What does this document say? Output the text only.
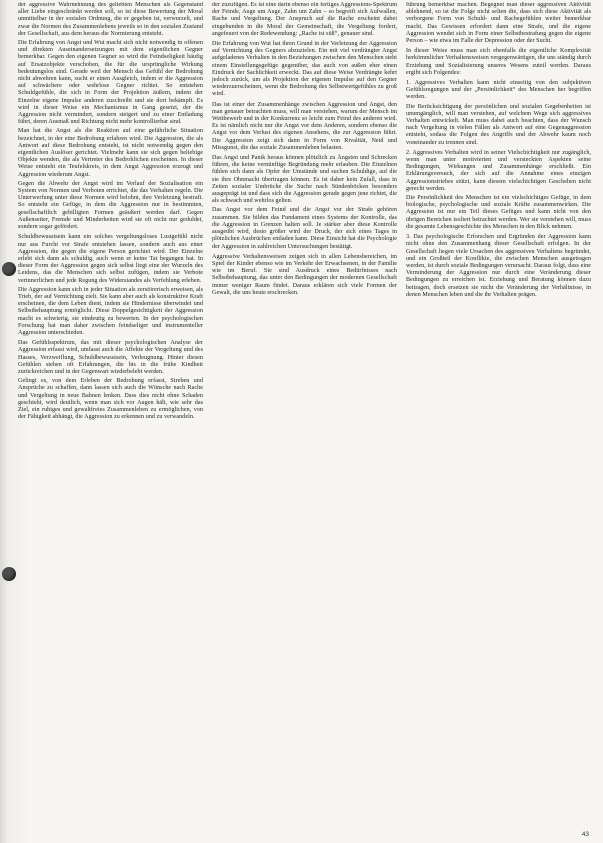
der aggressive Wahrnehmung des geliebten Menschen als Gegenstand aller Liebe eingeschränkt werden soll, so ist diese Bewertung der Moral unmittelbar in der sozialen Ordnung, die er gegeben ist, verwurzelt, und zwar die Normen des Zusammenlebens jeweils so in den sozialen Zustand der Gesellschaft, aus dem heraus die Normierung entsteht.

Die Erfahrung von Angst und Wut macht sich nicht notwendig in offenen und direkten Auseinandersetzungen mit dem eigentlichen Gegner bemerkbar. Gegen den eigenen Gegner so wird die Feindseligkeit häufig auf Ersatzobjekte verschoben, die für die ursprüngliche Wirkung bedeutungslos sind. Gerade weil der Mensch das Gefühl der Bedrohung nicht abwehren kann, sucht er einen Ausgleich, indem er die Aggression auf schwächere oder wehrlose Gegner richtet. So entstehen Schuldgefühle, die sich in Form der Projektion äußern, indem der Einzelne eigene Impulse anderen zuschreibt und sie dort bekämpft. Es wird in dieser Weise ein Mechanismus in Gang gesetzt, der die Aggression nicht vermindert, sondern steigert und zu einer Entladung führt, deren Ausmaß und Richtung nicht mehr kontrollierbar sind.

Man hat die Angst als die Reaktion auf eine gefährliche Situation bezeichnet, in der eine Bedrohung erfahren wird. Die Aggression, die als Antwort auf diese Bedrohung entsteht, ist nicht notwendig gegen den eigentlichen Auslöser gerichtet. Vielmehr kann sie sich gegen beliebige Objekte wenden, die als Vertreter des Bedrohlichen erscheinen. In dieser Weise entsteht ein Teufelskreis, in dem Angst Aggression erzeugt und Aggression wiederum Angst.

Gegen die Abwehr der Angst wird im Verlauf der Sozialisation ein System von Normen und Verboten errichtet, die das Verhalten regeln. Die Unterwerfung unter diese Normen wird belohnt, ihre Verletzung bestraft. So entsteht ein Gefüge, in dem die Aggression nur in bestimmten, gesellschaftlich gebilligten Formen geäußert werden darf. Gegen Außenseiter, Fremde und Minderheiten wird sie oft nicht nur geduldet, sondern sogar gefördert.

Schuldbewusstsein kann ein solches vergeltungsloses Lustgefühl nicht nur aus Furcht vor Strafe entstehen lassen, sondern auch aus einer Aggression, die gegen die eigene Person gerichtet wird. Der Einzelne erlebt sich dann als schuldig, auch wenn er keine Tat begangen hat. In dieser Form der Aggression gegen sich selbst liegt eine der Wurzeln des Leidens, das die Menschen sich selbst zufügen, indem sie Verbote verinnerlichen und jede Regung des Widerstandes als Verfehlung erleben.

Die Aggression kann sich in jeder Situation als zerstörerisch erweisen, als Trieb, der auf Vernichtung zielt. Sie kann aber auch als konstruktive Kraft erscheinen, die dem Leben dient, indem sie Hindernisse überwindet und Selbstbehauptung ermöglicht. Diese Doppelgesichtigkeit der Aggression macht es schwierig, sie eindeutig zu bewerten. In der psychologischen Forschung hat man daher zwischen feindseliger und instrumenteller Aggression unterschieden.

Das Gefühlsspektrum, das mit dieser psychologischen Analyse der Aggression erfasst wird, umfasst auch die Affekte der Vergeltung und des Hasses, Verzweiflung, Schuldbewusstsein, Verleugnung. Hinter diesen Gefühlen stehen oft Erfahrungen, die bis in die frühe Kindheit zurückreichen und in der Gegenwart wiederbelebt werden.

Gelingt es, von dem Erleben der Bedrohung erfasst, Streben und Ansprüche zu schaffen, dann lassen sich auch die Wünsche nach Rache und Vergeltung in neue Bahnen lenken. Dass dies nicht ohne Schaden geschieht, wird deutlich, wenn man sich vor Augen hält, wie sehr das Ziel, ein ruhiges und gewaltfreies Zusammenleben zu ermöglichen, von der Fähigkeit abhängt, die Aggression zu erkennen und zu verwandeln.

der zuzufügen. Es ist eine darin ebenso ein fertiges Aggressions-Spektrum der Feinde, Auge um Auge, Zahn um Zahn – so begreift sich Aufwallen, Rache und Vergeltung. Der Anspruch auf die Rache erscheint dabei eingebunden in die Moral der Gemeinschaft, die Vergeltung fordert, angefeuert von der Redewendung: „Rache ist süß“, genauer sind.

Die Erfahrung von Wut hat ihren Grund in der Verletzung der Aggression auf Vernichtung des Gegners abzuzielen. Ein mit viel verdrängter Angst aufgeladenes Verhalten in den Beziehungen zwischen den Menschen steht einem Einstellungsgefüge gegenüber, das auch von außen eher einen Eindruck der Sachlichkeit erweckt. Das auf diese Weise Verdrängte kehrt jedoch zurück, um als Projektion der eigenen Impulse auf den Gegner wiederzuerscheinen, wenn die Bedrohung des Selbstwertgefühles zu groß wird.

Das ist einer der Zusammenhänge zwischen Aggression und Angst, den man genauer betrachten muss, will man verstehen, warum der Mensch im Wettbewerb und in der Konkurrenz so leicht zum Feind des anderen wird. Es ist nämlich nicht nur die Angst vor dem Anderen, sondern ebenso die Angst vor dem Verlust des eigenen Ansehens, die zur Aggression führt. Die Aggression zeigt sich dann in Form von Rivalität, Neid und Missgunst, die das soziale Zusammenleben belasten.

Das Angst und Panik heraus können plötzlich zu Ängsten und Schrecken führen, die keine vernünftige Begründung mehr erlauben. Die Einzelnen fühlen sich dann als Opfer der Umstände und suchen Schuldige, auf die sie ihre Ohnmacht übertragen können. Es ist daher kein Zufall, dass in Zeiten sozialer Umbrüche die Suche nach Sündenböcken besonders ausgeprägt ist und dass sich die Aggression gerade gegen jene richtet, die als schwach und wehrlos gelten.

Das Angst vor dem Feind und die Angst vor der Strafe gehören zusammen. Sie bilden das Fundament eines Systems der Kontrolle, das die Aggression in Grenzen halten soll. Je stärker aber diese Kontrolle ausgeübt wird, desto größer wird der Druck, der sich eines Tages in plötzlichen Ausbrüchen entladen kann. Diese Einsicht hat die Psychologie der Aggression in zahlreichen Untersuchungen bestätigt.

Aggressive Verhaltensweisen zeigen sich in allen Lebensbereichen, im Spiel der Kinder ebenso wie im Verkehr der Erwachsenen, in der Familie wie im Beruf. Sie sind Ausdruck eines Bedürfnisses nach Selbstbehauptung, das unter den Bedingungen der modernen Gesellschaft immer weniger Raum findet. Daraus erklären sich viele Formen der Gewalt, die uns heute erschrecken.

führung bemerkbar machen. Begegnet man dieser aggressiven Aktivität ablehnend, so ist die Folge nicht selten die, dass sich diese Aktivität als verborgene Form von Schuld- und Rachegefühlen weiter bemerkbar macht. Das Gewissen erfordert dann eine Strafe, und die eigene Aggression wendet sich in Form einer Selbstbestrafung gegen die eigene Person – wie etwa im Falle der Depression oder der Sucht.

In dieser Weise muss man sich ebenfalls die eigentliche Komplexität herkömmlicher Verhaltensweisen vergegenwärtigen, die uns ständig durch Erziehung und Sozialisierung unseres Wesens zuteil werden. Daraus ergibt sich Folgendes:

1. Aggressives Verhalten kann nicht einseitig von den subjektiven Gefühlsregungen und der „Persönlichkeit“ des Menschen her begriffen werden.

Die Berücksichtigung der persönlichen und sozialen Gegebenheiten ist unumgänglich, will man verstehen, auf welchem Wege sich aggressives Verhalten entwickelt. Man muss dabei auch beachten, dass der Wunsch nach Vergeltung in vielen Fällen als Antwort auf eine Gegenaggression entsteht, sodass die Folgen des Angriffs und der Abwehr kaum noch voneinander zu trennen sind.

2. Aggressives Verhalten wird in seiner Vielschichtigkeit nur zugänglich, wenn man unter motivierten und versteckten Aspekten seine Bedingungen, Wirkungen und Zusammenhänge erschließt. Ein Erklärungsversuch, der sich auf die Annahme eines einzigen Aggressionstriebes stützt, kann diesem vielschichtigen Geschehen nicht gerecht werden.

Die Persönlichkeit des Menschen ist ein vielschichtiges Gefüge, in dem biologische, psychologische und soziale Kräfte zusammenwirken. Die Aggression ist nur ein Teil dieses Gefüges und kann nicht von den übrigen Bereichen isoliert betrachtet werden. Wer sie verstehen will, muss die gesamte Lebensgeschichte des Menschen in den Blick nehmen.

3. Das psychologische Erforschen und Ergründen der Aggression kann nicht ohne den Zusammenhang dieser Gesellschaft erfolgen. In der Gesellschaft liegen viele Ursachen des aggressiven Verhaltens begründet, und ein Großteil der Konflikte, die zwischen Menschen ausgetragen werden, ist durch soziale Bedingungen verursacht. Daraus folgt, dass eine Verminderung der Aggression nur durch eine Veränderung dieser Bedingungen zu erreichen ist. Erziehung und Beratung können dazu beitragen, doch ersetzen sie nicht die Veränderung der Verhältnisse, in denen Menschen leben und die ihr Verhalten prägen.

43
